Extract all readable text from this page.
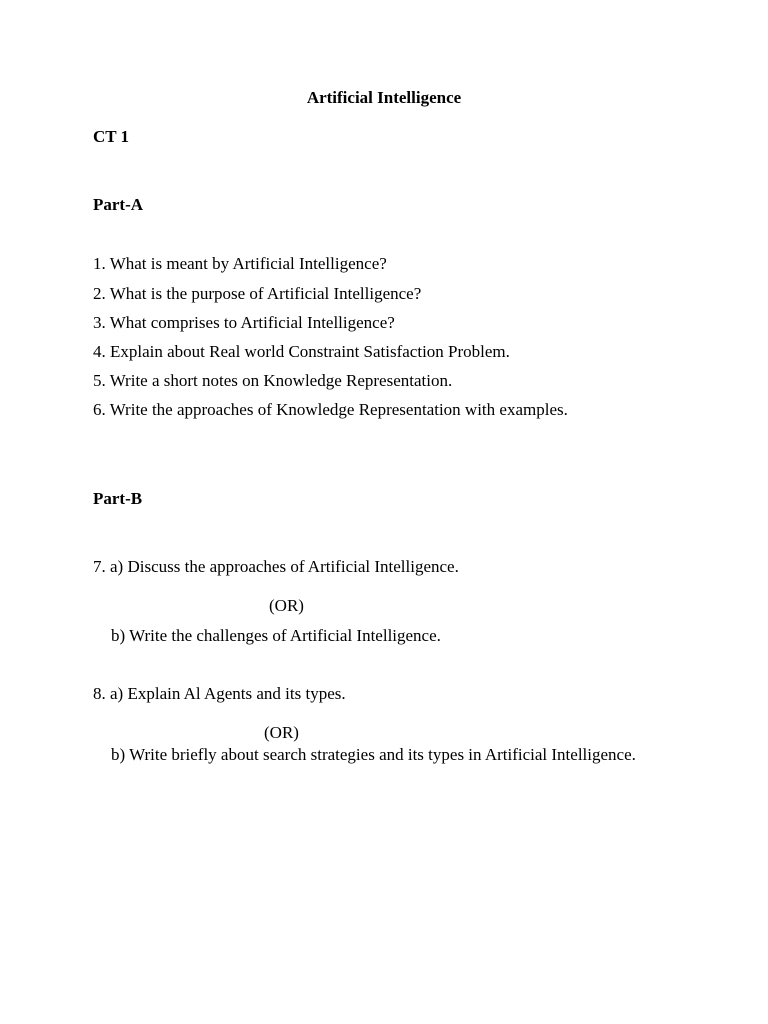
Artificial Intelligence
CT 1
Part-A
1. What is meant by Artificial Intelligence?
2. What is the purpose of Artificial Intelligence?
3. What comprises to Artificial Intelligence?
4. Explain about Real world Constraint Satisfaction Problem.
5. Write a short notes on Knowledge Representation.
6. Write the approaches of Knowledge Representation with examples.
Part-B
7. a) Discuss the approaches of Artificial Intelligence.
(OR)
b) Write the challenges of Artificial Intelligence.
8. a) Explain Al Agents and its types.
(OR)
b) Write briefly about search strategies and its types in Artificial Intelligence.
